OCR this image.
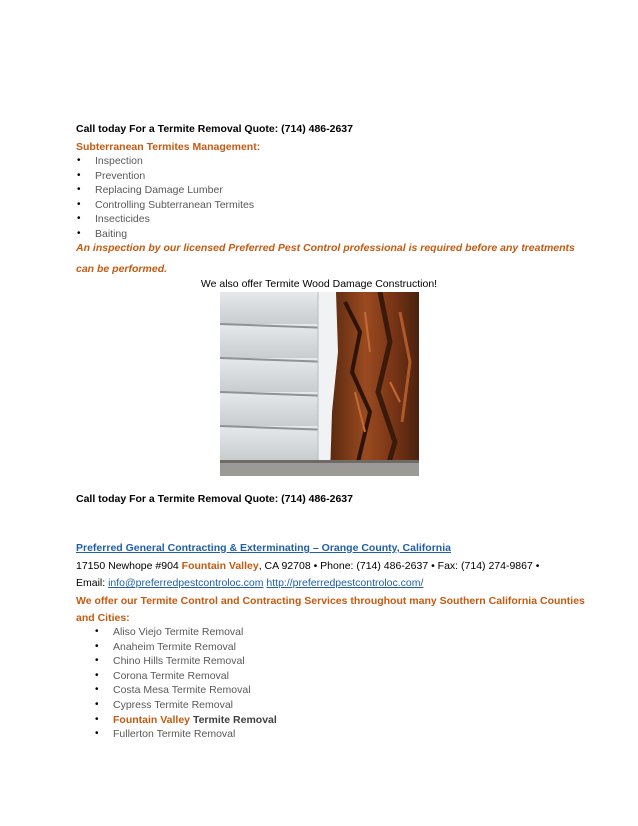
Call today For a Termite Removal Quote: (714) 486-2637
Subterranean Termites Management:
• Inspection
• Prevention
• Replacing Damage Lumber
• Controlling Subterranean Termites
• Insecticides
• Baiting
An inspection by our licensed Preferred Pest Control professional is required before any treatments
can be performed.
We also offer Termite Wood Damage Construction!
Call today For a Termite Removal Quote: (714) 486-2637
Preferred General Contracting & Exterminating – Orange County, California
17150 Newhope #904 Fountain Valley, CA 92708 • Phone: (714) 486-2637 • Fax: (714) 274-9867 •
Email: info@preferredpestcontroloc.com http://preferredpestcontroloc.com/
We offer our Termite Control and Contracting Services throughout many Southern California Counties
and Cities:
• Aliso Viejo Termite Removal
• Anaheim Termite Removal
• Chino Hills Termite Removal
• Corona Termite Removal
• Costa Mesa Termite Removal
• Cypress Termite Removal
• Fountain Valley Termite Removal
• Fullerton Termite Removal
